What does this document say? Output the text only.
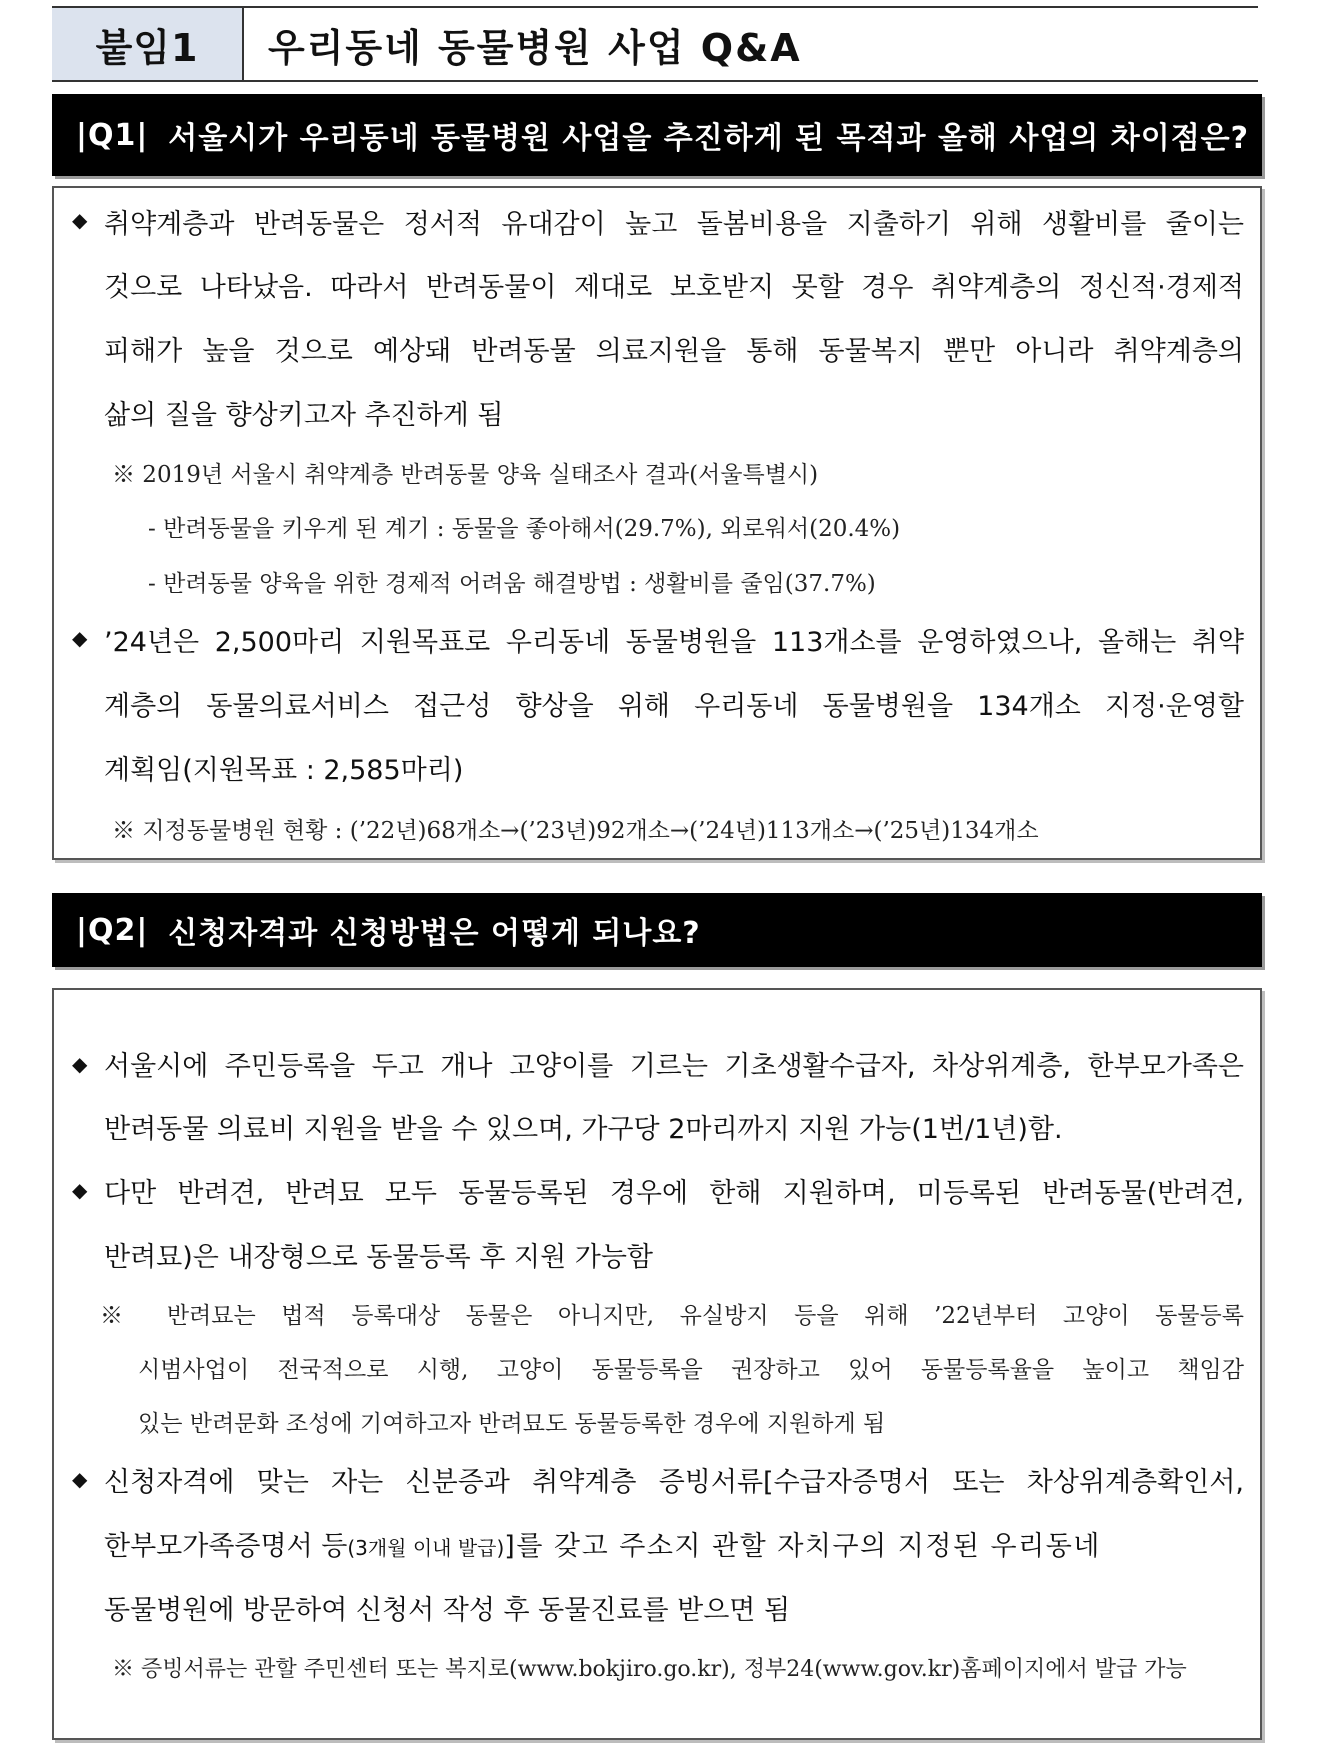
붙임1	우리동네 동물병원 사업 Q&A
|Q1| 서울시가 우리동네 동물병원 사업을 추진하게 된 목적과 올해 사업의 차이점은?
◆ 취약계층과 반려동물은 정서적 유대감이 높고 돌봄비용을 지출하기 위해 생활비를 줄이는
것으로 나타났음. 따라서 반려동물이 제대로 보호받지 못할 경우 취약계층의 정신적·경제적
피해가 높을 것으로 예상돼 반려동물 의료지원을 통해 동물복지 뿐만 아니라 취약계층의
삶의 질을 향상키고자 추진하게 됨
※ 2019년 서울시 취약계층 반려동물 양육 실태조사 결과(서울특별시)
- 반려동물을 키우게 된 계기 : 동물을 좋아해서(29.7%), 외로워서(20.4%)
- 반려동물 양육을 위한 경제적 어려움 해결방법 : 생활비를 줄임(37.7%)
◆ ’24년은 2,500마리 지원목표로 우리동네 동물병원을 113개소를 운영하였으나, 올해는 취약
계층의 동물의료서비스 접근성 향상을 위해 우리동네 동물병원을 134개소 지정·운영할
계획임(지원목표 : 2,585마리)
※ 지정동물병원 현황 : (’22년)68개소→(’23년)92개소→(’24년)113개소→(’25년)134개소
|Q2| 신청자격과 신청방법은 어떻게 되나요?
◆ 서울시에 주민등록을 두고 개나 고양이를 기르는 기초생활수급자, 차상위계층, 한부모가족은
반려동물 의료비 지원을 받을 수 있으며, 가구당 2마리까지 지원 가능(1번/1년)함.
◆ 다만 반려견, 반려묘 모두 동물등록된 경우에 한해 지원하며, 미등록된 반려동물(반려견,
반려묘)은 내장형으로 동물등록 후 지원 가능함
※ 반려묘는 법적 등록대상 동물은 아니지만, 유실방지 등을 위해 ’22년부터 고양이 동물등록
시범사업이 전국적으로 시행, 고양이 동물등록을 권장하고 있어 동물등록율을 높이고 책임감
있는 반려문화 조성에 기여하고자 반려묘도 동물등록한 경우에 지원하게 됨
◆ 신청자격에 맞는 자는 신분증과 취약계층 증빙서류[수급자증명서 또는 차상위계층확인서,
한부모가족증명서 등(3개월 이내 발급)]를 갖고 주소지 관할 자치구의 지정된 우리동네
동물병원에 방문하여 신청서 작성 후 동물진료를 받으면 됨
※ 증빙서류는 관할 주민센터 또는 복지로(www.bokjiro.go.kr), 정부24(www.gov.kr)홈페이지에서 발급 가능
